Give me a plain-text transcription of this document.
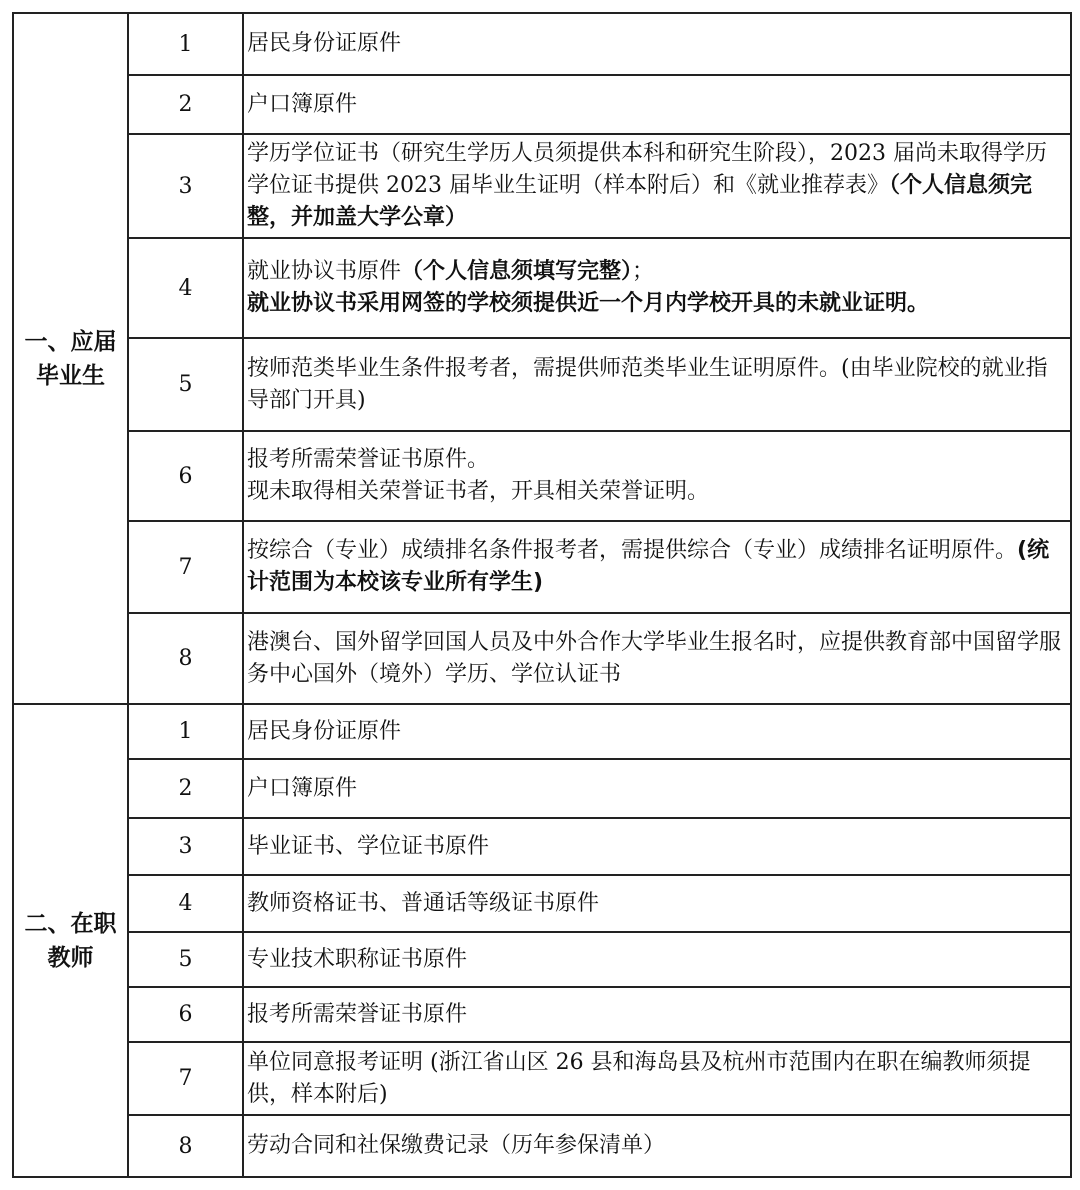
一、应届
毕业生	1	居民身份证原件
	2	户口簿原件
	3	学历学位证书（研究生学历人员须提供本科和研究生阶段），2023 届尚未取得学历学位证书提供 2023 届毕业生证明（样本附后）和《就业推荐表》（个人信息须完整，并加盖大学公章）
	4	就业协议书原件（个人信息须填写完整）；
就业协议书采用网签的学校须提供近一个月内学校开具的未就业证明。

	5	按师范类毕业生条件报考者，需提供师范类毕业生证明原件。(由毕业院校的就业指导部门开具)
	6	报考所需荣誉证书原件。
现未取得相关荣誉证书者，开具相关荣誉证明。

	7	按综合（专业）成绩排名条件报考者，需提供综合（专业）成绩排名证明原件。(统计范围为本校该专业所有学生)
	8	港澳台、国外留学回国人员及中外合作大学毕业生报名时，应提供教育部中国留学服务中心国外（境外）学历、学位认证书

二、在职
教师	1	居民身份证原件
	2	户口簿原件
	3	毕业证书、学位证书原件
	4	教师资格证书、普通话等级证书原件
	5	专业技术职称证书原件
	6	报考所需荣誉证书原件
	7	单位同意报考证明 (浙江省山区 26 县和海岛县及杭州市范围内在职在编教师须提供，样本附后)
	8	劳动合同和社保缴费记录（历年参保清单）
